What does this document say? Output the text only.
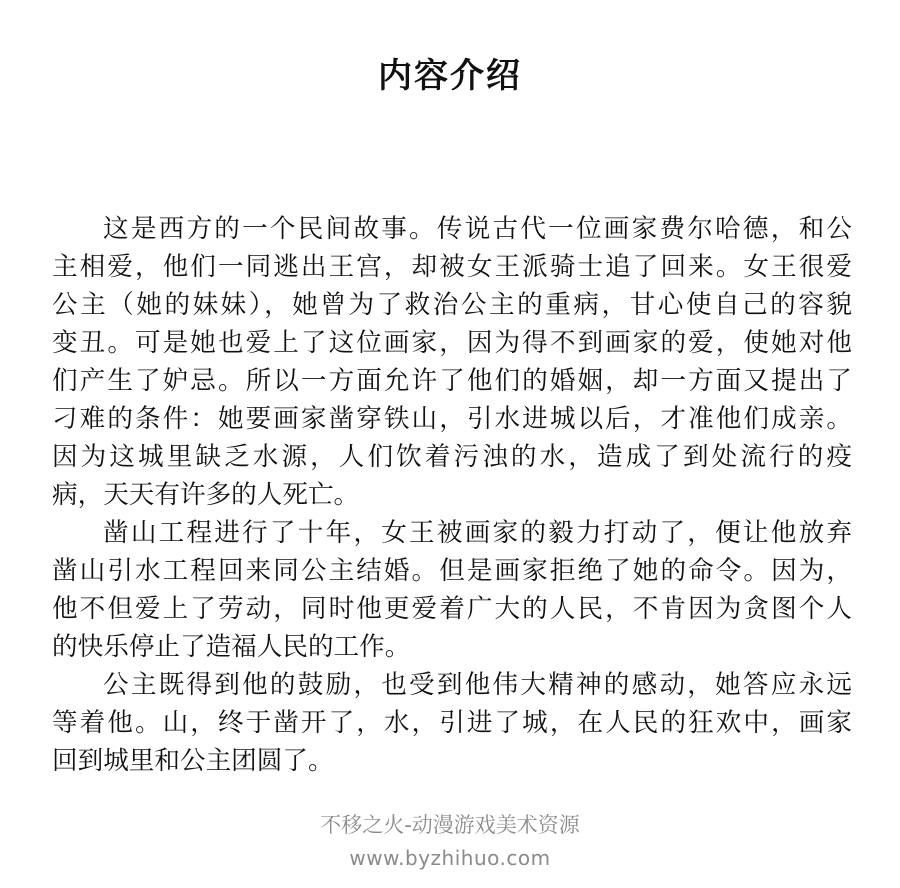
内容介绍
这是西方的一个民间故事。传说古代一位画家费尔哈德，和公
主相爱，他们一同逃出王宫，却被女王派骑士追了回来。女王很爱
公主（她的妹妹），她曾为了救治公主的重病，甘心使自己的容貌
变丑。可是她也爱上了这位画家，因为得不到画家的爱，使她对他
们产生了妒忌。所以一方面允许了他们的婚姻，却一方面又提出了
刁难的条件：她要画家凿穿铁山，引水进城以后，才准他们成亲。
因为这城里缺乏水源，人们饮着污浊的水，造成了到处流行的疫
病，天天有许多的人死亡。
凿山工程进行了十年，女王被画家的毅力打动了，便让他放弃
凿山引水工程回来同公主结婚。但是画家拒绝了她的命令。因为，
他不但爱上了劳动，同时他更爱着广大的人民，不肯因为贪图个人
的快乐停止了造福人民的工作。
公主既得到他的鼓励，也受到他伟大精神的感动，她答应永远
等着他。山，终于凿开了，水，引进了城，在人民的狂欢中，画家
回到城里和公主团圆了。
不移之火-动漫游戏美术资源
www.byzhihuo.com
